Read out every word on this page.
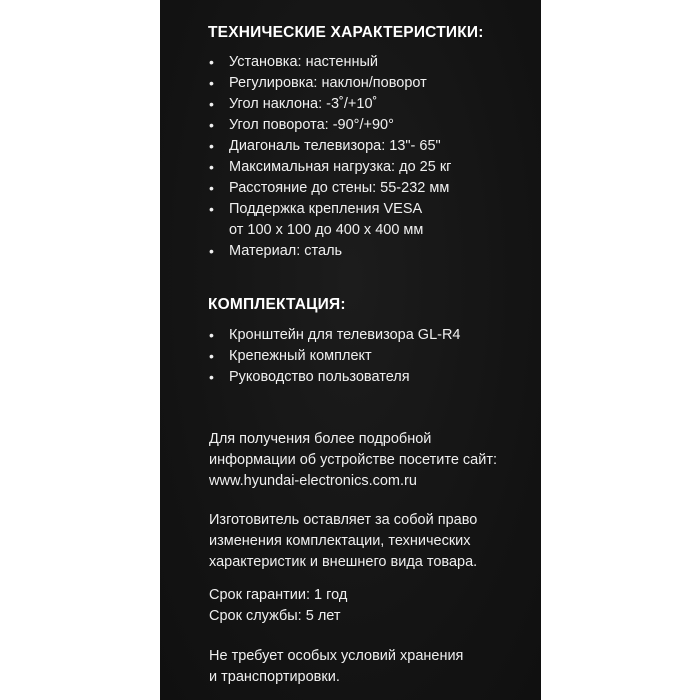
ТЕХНИЧЕСКИЕ ХАРАКТЕРИСТИКИ:
• Установка: настенный
• Регулировка: наклон/поворот
• Угол наклона: -3˚/+10˚
• Угол поворота: -90°/+90°
• Диагональ телевизора: 13"- 65"
• Максимальная нагрузка: до 25 кг
• Расстояние до стены: 55-232 мм
• Поддержка крепления VESA
от 100 x 100 до 400 x 400 мм
• Материал: сталь
КОМПЛЕКТАЦИЯ:
• Кронштейн для телевизора GL-R4
• Крепежный комплект
• Руководство пользователя
Для получения более подробной
информации об устройстве посетите сайт:
www.hyundai-electronics.com.ru
Изготовитель оставляет за собой право
изменения комплектации, технических
характеристик и внешнего вида товара.
Срок гарантии: 1 год
Срок службы: 5 лет
Не требует особых условий хранения
и транспортировки.
